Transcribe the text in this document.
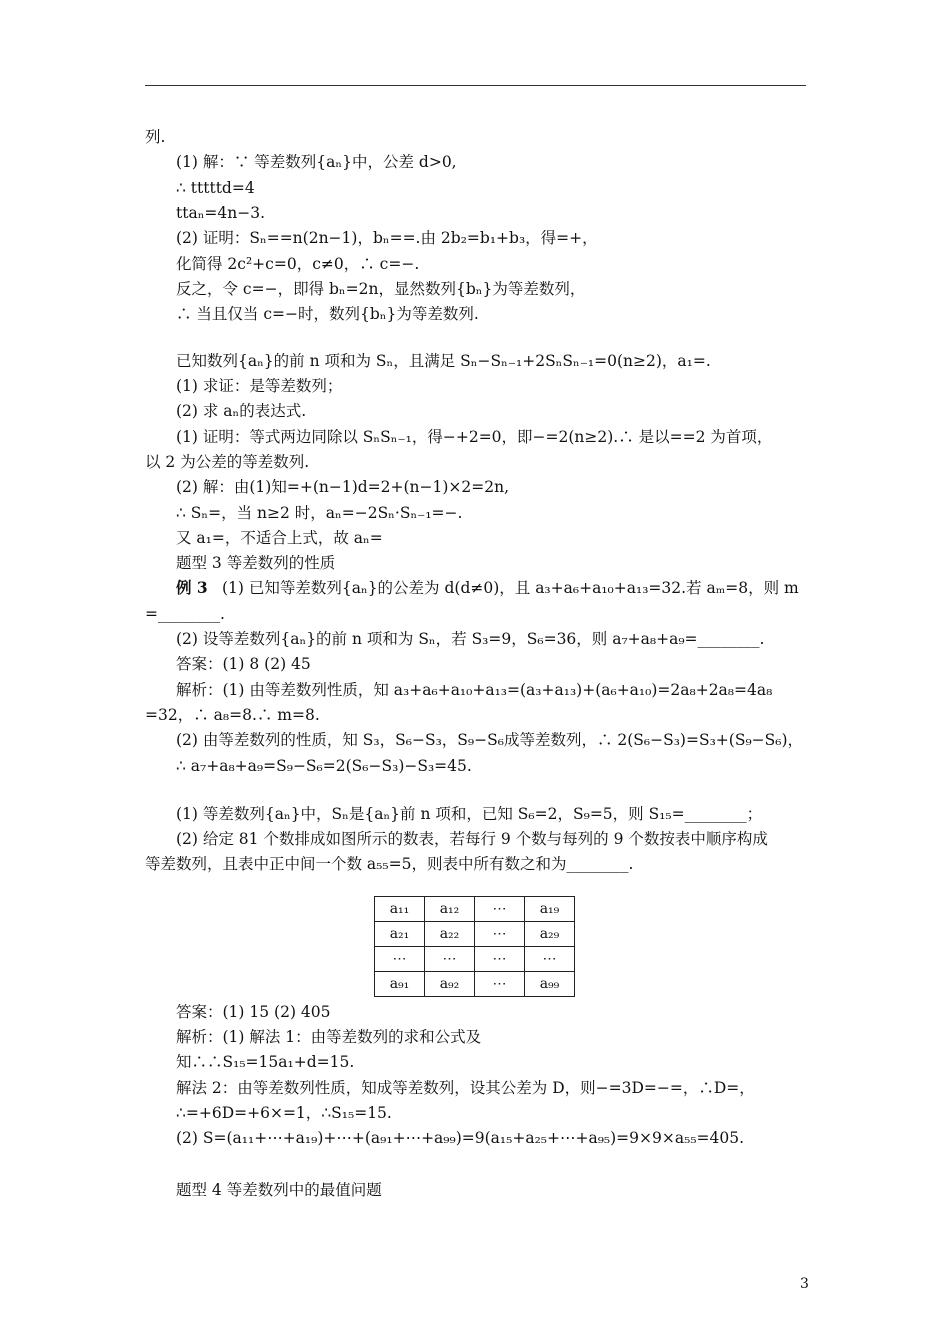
列.
(1) 解：∵ 等差数列{aₙ}中，公差 d>0,
∴ tttttd=4
ttaₙ=4n−3.
(2) 证明：Sₙ==n(2n−1)，bₙ==.由 2b₂=b₁+b₃，得=+，
化简得 2c²+c=0，c≠0，∴ c=−.
反之，令 c=−，即得 bₙ=2n，显然数列{bₙ}为等差数列，
∴ 当且仅当 c=−时，数列{bₙ}为等差数列.
已知数列{aₙ}的前 n 项和为 Sₙ，且满足 Sₙ−Sₙ₋₁+2SₙSₙ₋₁=0(n≥2)，a₁=.
(1) 求证：是等差数列；
(2) 求 aₙ的表达式.
(1) 证明：等式两边同除以 SₙSₙ₋₁，得−+2=0，即−=2(n≥2).∴ 是以==2 为首项，
以 2 为公差的等差数列.
(2) 解：由(1)知=+(n−1)d=2+(n−1)×2=2n,
∴ Sₙ=，当 n≥2 时，aₙ=−2Sₙ·Sₙ₋₁=−.
又 a₁=，不适合上式，故 aₙ=
题型 3 等差数列的性质
例 3 (1) 已知等差数列{aₙ}的公差为 d(d≠0)，且 a₃+a₆+a₁₀+a₁₃=32.若 aₘ=8，则 m
=________.
(2) 设等差数列{aₙ}的前 n 项和为 Sₙ，若 S₃=9，S₆=36，则 a₇+a₈+a₉=________.
答案：(1) 8 (2) 45
解析：(1) 由等差数列性质，知 a₃+a₆+a₁₀+a₁₃=(a₃+a₁₃)+(a₆+a₁₀)=2a₈+2a₈=4a₈
=32，∴ a₈=8.∴ m=8.
(2) 由等差数列的性质，知 S₃，S₆−S₃，S₉−S₆成等差数列，∴ 2(S₆−S₃)=S₃+(S₉−S₆)，
∴ a₇+a₈+a₉=S₉−S₆=2(S₆−S₃)−S₃=45.
(1) 等差数列{aₙ}中，Sₙ是{aₙ}前 n 项和，已知 S₆=2，S₉=5，则 S₁₅=________；
(2) 给定 81 个数排成如图所示的数表，若每行 9 个数与每列的 9 个数按表中顺序构成
等差数列，且表中正中间一个数 a₅₅=5，则表中所有数之和为________.
a₁₁	a₁₂	⋯	a₁₉
a₂₁	a₂₂	⋯	a₂₉
⋯	⋯	⋯	⋯
a₉₁	a₉₂	⋯	a₉₉
答案：(1) 15 (2) 405
解析：(1) 解法 1：由等差数列的求和公式及
知∴∴S₁₅=15a₁+d=15.
解法 2：由等差数列性质，知成等差数列，设其公差为 D，则−=3D=−=，∴D=，
∴=+6D=+6×=1，∴S₁₅=15.
(2) S=(a₁₁+⋯+a₁₉)+⋯+(a₉₁+⋯+a₉₉)=9(a₁₅+a₂₅+⋯+a₉₅)=9×9×a₅₅=405.
题型 4 等差数列中的最值问题
3
